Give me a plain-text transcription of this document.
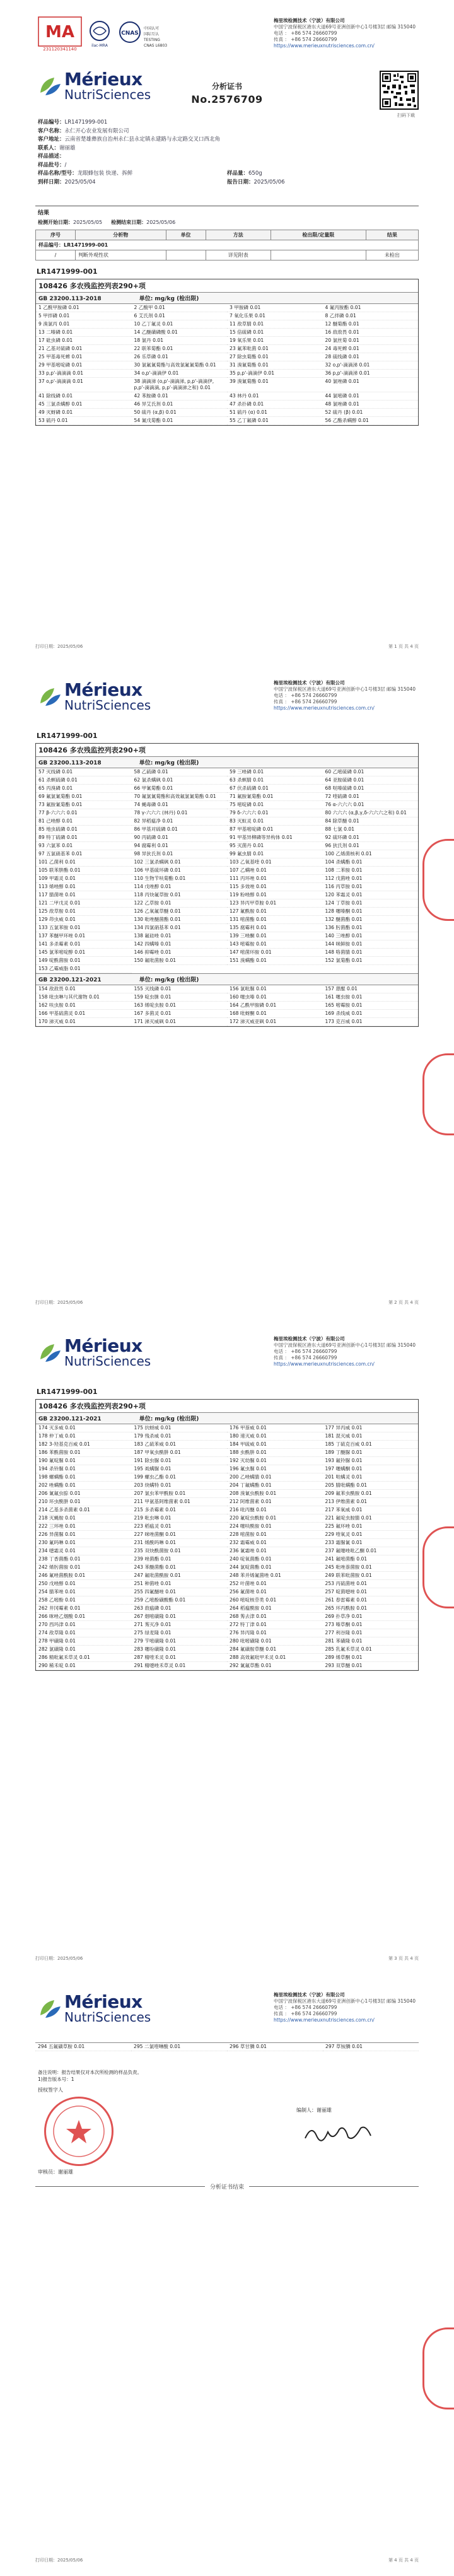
MA
231120341140
ilac-MRA
CNAS
中国认可
国际互认
TESTING
CNAS L6803
梅里埃检测技术（宁波）有限公司
中国宁波保税区港东大道69号亚洲创新中心1号楼3层 邮编 315040
电话 ： +86 574 26660799
传真 ： +86 574 26660799
https://www.merieuxnutrisciences.com.cn/
Mérieux
NutriSciences
分析证书
No.2576709
扫码下载
样品编号： LR1471999-001
客户名称： 永仁开心农业发展有限公司
客户地址： 云南省楚雄彝族自治州永仁县永定镇永建路与永定路交叉口西北角
联系人： 谢丽雄
样品描述：
样品批号： /
样品名称/型号：龙眼蜂包装 快递、拆鲜	样品量：650g
到样日期：2025/05/04	报告日期：2025/05/06
结果
检测开始日期： 2025/05/05 检测结束日期： 2025/05/06
序号	分析物	单位	方法	检出限/定量限	结果
样品编号：LR1471999-001					
/	判断外观性状		详见附表		未检出
LR1471999-001
108426 多农残监控列表290+项
GB 23200.113-2018	单位: mg/kg (检出限)
1 乙酰甲胺磷 0.01	2 乙酸甲 0.01	3 甲胺磷 0.01	4 氟丙胺酯 0.01
5 甲拌磷 0.01	6 艾氏剂 0.01	7 氧化乐果 0.01	8 乙拌磷 0.01
9 溴氯丙 0.01	10 乙丁氟灵 0.01	11 敌草腈 0.01	12 醚菊酯 0.01
13 二嗪磷 0.01	14 乙醚磺磷酸 0.01	15 倍硫磷 0.01	16 敌敌畏 0.01
17 砒虫磷 0.01	18 氯丹 0.01	19 氧乐果 0.01	20 氯丝菊 0.01
21 乙基对硫磷 0.01	22 联苯菊酯 0.01	23 氟苯吡菌 0.01	24 毒死蜱 0.01
25 甲基毒死蜱 0.01	26 乐草磷 0.01	27 除虫菊酯 0.01	28 硫线磷 0.01
29 甲基嘧啶磷 0.01	30 氯氟氰菊酯与高效氯氟氰菊酯 0.01	31 溴氰菊酯 0.01	32 o,p'-滴滴涕 0.01
33 p,p'-滴滴滴 0.01	34 o,p'-滴滴伊 0.01	35 p,p'-滴滴伊 0.01	36 p,p'-滴滴涕 0.01
37 o,p'-滴滴滴 0.01	38 滴滴涕 (o,p'-滴滴涕, p,p'-滴滴伊, p,p'-滴滴滴, p,p'-滴滴涕之和) 0.01
39 溴氰菊酯 0.01	40 氯唑磷 0.01
41 除线磷 0.01	42 苯胺磷 0.01	43 林丹 0.01	44 氯嘧磷 0.01
45 三氯杀螨醇 0.01	46 异艾氏剂 0.01	47 杀扑磷 0.01	48 氯唑磷 0.01
49 灭蚜磷 0.01	50 硫丹 (α,β) 0.01	51 硫丹 (α) 0.01	52 硫丹 (β) 0.01
53 硫丹 0.01	54 氰戊菊酯 0.01	55 乙丁氟磷 0.01	56 乙酯杀螨醇 0.01
打印日期：2025/05/06	第 1 页 共 4 页
Mérieux
NutriSciences
梅里埃检测技术（宁波）有限公司
中国宁波保税区港东大道69号亚洲创新中心1号楼3层 邮编 315040
电话 ： +86 574 26660799
传真 ： +86 574 26660799
https://www.merieuxnutrisciences.com.cn/
LR1471999-001
108426 多农残监控列表290+项
GB 23200.113-2018	单位: mg/kg (检出限)
57 灭线磷 0.01	58 乙硫磷 0.01	59 三唑磷 0.01	60 乙嘧硫磷 0.01
61 杀螟硫磷 0.01	62 氯杀螨砜 0.01	63 杀螟腈 0.01	64 亚胺硫磷 0.01
65 丙溴磷 0.01	66 甲氰菊酯 0.01	67 伏杀硫磷 0.01	68 哒嗪硫磷 0.01
69 氟氯氰菊酯 0.01	70 氟氯氰菊酯和高效氟氯氰菊酯 0.01	71 氟胺氰菊酯 0.01	72 喹硫磷 0.01
73 氟胺氰菊酯 0.01	74 蝇毒磷 0.01	75 嘧啶磷 0.01	76 α-六六六 0.01
77 β-六六六 0.01	78 γ-六六六 (林丹) 0.01	79 δ-六六六 0.01	80 六六六 (α,β,γ,δ-六六六之和) 0.01
81 己唑醇 0.01	82 异稻瘟净 0.01	83 灭蚁灵 0.01	84 除草醚 0.01
85 地虫硫磷 0.01	86 甲基对硫磷 0.01	87 甲基嘧啶磷 0.01	88 七氯 0.01
89 特丁硫磷 0.01	90 丙硫磷 0.01	91 甲基异柳磷等异构体 0.01	92 硫环磷 0.01
93 六氯苯 0.01	94 腐霉利 0.01	95 灭菌丹 0.01	96 狄氏剂 0.01
97 五氯硝基苯 0.01	98 异狄氏剂 0.01	99 氟虫腈 0.01	100 乙烯菌核利 0.01
101 乙菌利 0.01	102 三氯杀螨砜 0.01	103 乙氧基喹 0.01	104 杀螨酯 0.01
105 联苯肼酯 0.01	106 甲基硫环磷 0.01	107 乙螨唑 0.01	108 二苯胺 0.01
109 甲霜灵 0.01	110 生物苄呋菊酯 0.01	111 丙环唑 0.01	112 戊菌唑 0.01
113 烯唑醇 0.01	114 戊唑醇 0.01	115 多效唑 0.01	116 丙草胺 0.01
117 腈菌唑 0.01	118 丙炔氟草胺 0.01	119 粉唑醇 0.01	120 苯霜灵 0.01
121 二甲戊灵 0.01	122 乙草胺 0.01	123 异丙甲草胺 0.01	124 丁草胺 0.01
125 敌草胺 0.01	126 乙氧氟草醚 0.01	127 氟酰胺 0.01	128 噻嗪酮 0.01
129 茚虫威 0.01	130 吡唑醚菌酯 0.01	131 嘧菌酯 0.01	132 醚菌酯 0.01
133 五氯苯胺 0.01	134 四氯硝基苯 0.01	135 腐霉利 0.01	136 肟菌酯 0.01
137 苯醚甲环唑 0.01	138 氟硅唑 0.01	139 三唑酮 0.01	140 三唑醇 0.01
141 多杀霉素 0.01	142 四螨嗪 0.01	143 嘧霉胺 0.01	144 咪鲜胺 0.01
145 氯苯嘧啶醇 0.01	146 抑霉唑 0.01	147 嘧菌环胺 0.01	148 咯菌腈 0.01
149 啶酰菌胺 0.01	150 氟吡菌胺 0.01	151 溴螨酯 0.01	152 氯菊酯 0.01
153 乙霉威脂 0.01
GB 23200.121-2021	单位: mg/kg (检出限)
154 敌敌畏 0.01	155 灭线磷 0.01	156 氯吡脲 0.01	157 蒽醌 0.01
158 吡虫啉与其代谢物 0.01	159 啶虫脒 0.01	160 噻虫嗪 0.01	161 噻虫胺 0.01
162 呋虫胺 0.01	163 烯啶虫胺 0.01	164 乙酰甲胺磷 0.01	165 嘧霉胺 0.01
166 甲基硫菌灵 0.01	167 多菌灵 0.01	168 吡蚜酮 0.01	169 杀线威 0.01
170 涕灭威 0.01	171 涕灭威砜 0.01	172 涕灭威亚砜 0.01	173 克百威 0.01
打印日期：2025/05/06	第 2 页 共 4 页
Mérieux
NutriSciences
梅里埃检测技术（宁波）有限公司
中国宁波保税区港东大道69号亚洲创新中心1号楼3层 邮编 315040
电话 ： +86 574 26660799
传真 ： +86 574 26660799
https://www.merieuxnutrisciences.com.cn/
LR1471999-001
108426 多农残监控列表290+项
GB 23200.121-2021	单位: mg/kg (检出限)
174 灭多威 0.01	175 抗蚜威 0.01	176 甲萘威 0.01	177 异丙威 0.01
178 仲丁威 0.01	179 残杀威 0.01	180 速灭威 0.01	181 混灭威 0.01
182 3-羟基克百威 0.01	183 乙硫苯威 0.01	184 甲硫威 0.01	185 丁硫克百威 0.01
186 苯酰菌胺 0.01	187 甲氧虫酰肼 0.01	188 虫酰肼 0.01	189 丁醚脲 0.01
190 氟啶脲 0.01	191 除虫脲 0.01	192 灭幼脲 0.01	193 氟铃脲 0.01
194 杀铃脲 0.01	195 虱螨脲 0.01	196 氟虫脲 0.01	197 噻螨酮 0.01
198 螺螨酯 0.01	199 螺虫乙酯 0.01	200 乙唑螨腈 0.01	201 哒螨灵 0.01
202 唑螨酯 0.01	203 炔螨特 0.01	204 丁氟螨酯 0.01	205 腈吡螨酯 0.01
206 氰氟虫腙 0.01	207 氯虫苯甲酰胺 0.01	208 溴氰虫酰胺 0.01	209 氟苯虫酰胺 0.01
210 环虫酰肼 0.01	211 甲氨基阿维菌素 0.01	212 阿维菌素 0.01	213 伊维菌素 0.01
214 乙基多杀菌素 0.01	215 多杀霉素 0.01	216 吡丙醚 0.01	217 苯氧威 0.01
218 灭蝇胺 0.01	219 吡虫啉 0.01	220 氟啶虫酰胺 0.01	221 氟啶虫胺腈 0.01
222 三环唑 0.01	223 稻瘟灵 0.01	224 噻呋酰胺 0.01	225 氟环唑 0.01
226 异菌脲 0.01	227 咪唑菌酮 0.01	228 嘧菌胺 0.01	229 喹氧灵 0.01
230 氟吗啉 0.01	231 烯酰吗啉 0.01	232 霜霉威 0.01	233 霜脲氰 0.01
234 噁霜灵 0.01	235 双炔酰菌胺 0.01	236 氰霜唑 0.01	237 氟噻唑吡乙酮 0.01
238 丁香菌酯 0.01	239 唑菌酯 0.01	240 啶氧菌酯 0.01	241 氟嘧菌酯 0.01
242 烯肟菌胺 0.01	243 苯醚菌酯 0.01	244 氯啶菌酯 0.01	245 吡唑萘菌胺 0.01
246 氟唑菌酰胺 0.01	247 氟吡菌酰胺 0.01	248 苯并烯氟菌唑 0.01	249 联苯吡菌胺 0.01
250 戊唑醇 0.01	251 种菌唑 0.01	252 叶菌唑 0.01	253 丙硫菌唑 0.01
254 腈苯唑 0.01	255 四氟醚唑 0.01	256 氟菌唑 0.01	257 啶菌噁唑 0.01
258 乙嘧酚 0.01	259 乙嘧酚磺酸酯 0.01	260 嘧啶核苷类 0.01	261 春雷霉素 0.01
262 井冈霉素 0.01	263 敌瘟磷 0.01	264 稻瘟酰胺 0.01	265 环丙酰胺 0.01
266 咪唑乙烟酸 0.01	267 烟嘧磺隆 0.01	268 莠去津 0.01	269 扑草净 0.01
270 西玛津 0.01	271 莠灭净 0.01	272 特丁津 0.01	273 嗪草酮 0.01
274 敌草隆 0.01	275 绿麦隆 0.01	276 异丙隆 0.01	277 利谷隆 0.01
278 甲磺隆 0.01	279 苄嘧磺隆 0.01	280 吡嘧磺隆 0.01	281 苯磺隆 0.01
282 氯磺隆 0.01	283 噻吩磺隆 0.01	284 氟磺胺草醚 0.01	285 乳氟禾草灵 0.01
286 精吡氟禾草灵 0.01	287 精喹禾灵 0.01	288 高效氟吡甲禾灵 0.01	289 烯草酮 0.01
290 稀禾啶 0.01	291 精噁唑禾草灵 0.01	292 氰氟草酯 0.01	293 双草醚 0.01
打印日期：2025/05/06	第 3 页 共 4 页
Mérieux
NutriSciences
梅里埃检测技术（宁波）有限公司
中国宁波保税区港东大道69号亚洲创新中心1号楼3层 邮编 315040
电话 ： +86 574 26660799
传真 ： +86 574 26660799
https://www.merieuxnutrisciences.com.cn/
294 五氟磺草胺 0.01	295 二氯喹啉酸 0.01	296 草甘膦 0.01	297 草铵膦 0.01
备注说明：报告结果仅对本次所检测的样品负责。
1)报告版本号：1
授权签字人
审核员：谢丽雄
编制人：谢丽雄
分析证书结束
打印日期：2025/05/06	第 4 页 共 4 页
